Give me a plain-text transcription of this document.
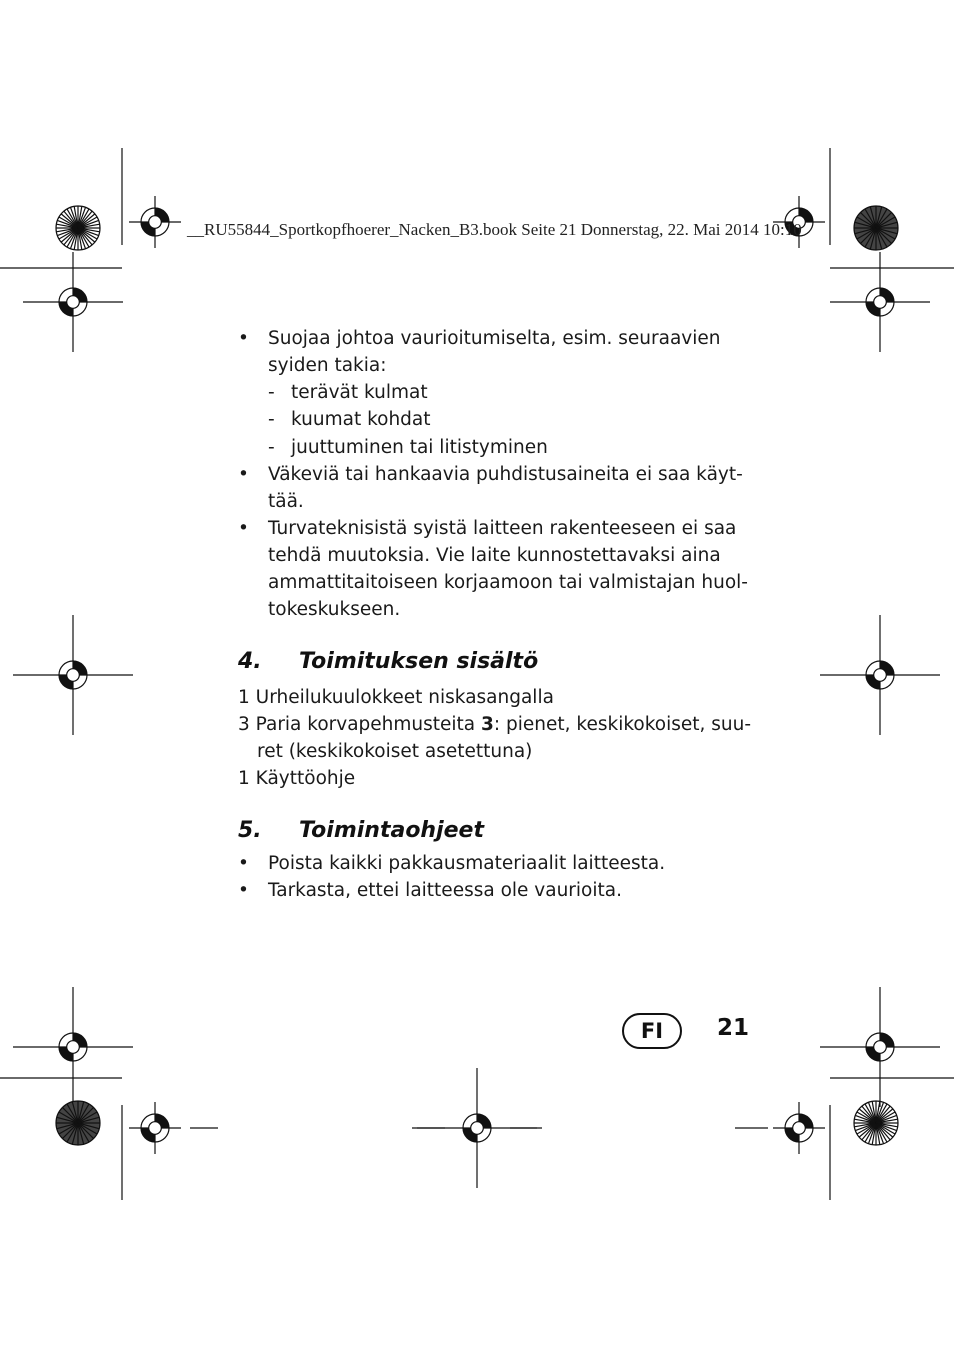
__RU55844_Sportkopfhoerer_Nacken_B3.book Seite 21 Donnerstag, 22. Mai 2014 10:10
• Suojaa johtoa vaurioitumiselta, esim. seuraavien
syiden takia:
- terävät kulmat
- kuumat kohdat
- juuttuminen tai litistyminen
• Väkeviä tai hankaavia puhdistusaineita ei saa käyt-
tää.
• Turvateknisistä syistä laitteen rakenteeseen ei saa
tehdä muutoksia. Vie laite kunnostettavaksi aina
ammattitaitoiseen korjaamoon tai valmistajan huol-
tokeskukseen.
4. Toimituksen sisältö
1 Urheilukuulokkeet niskasangalla
3 Paria korvapehmusteita 3: pienet, keskikokoiset, suu-
ret (keskikokoiset asetettuna)
1 Käyttöohje
5. Toimintaohjeet
• Poista kaikki pakkausmateriaalit laitteesta.
• Tarkasta, ettei laitteessa ole vaurioita.
FI	21
